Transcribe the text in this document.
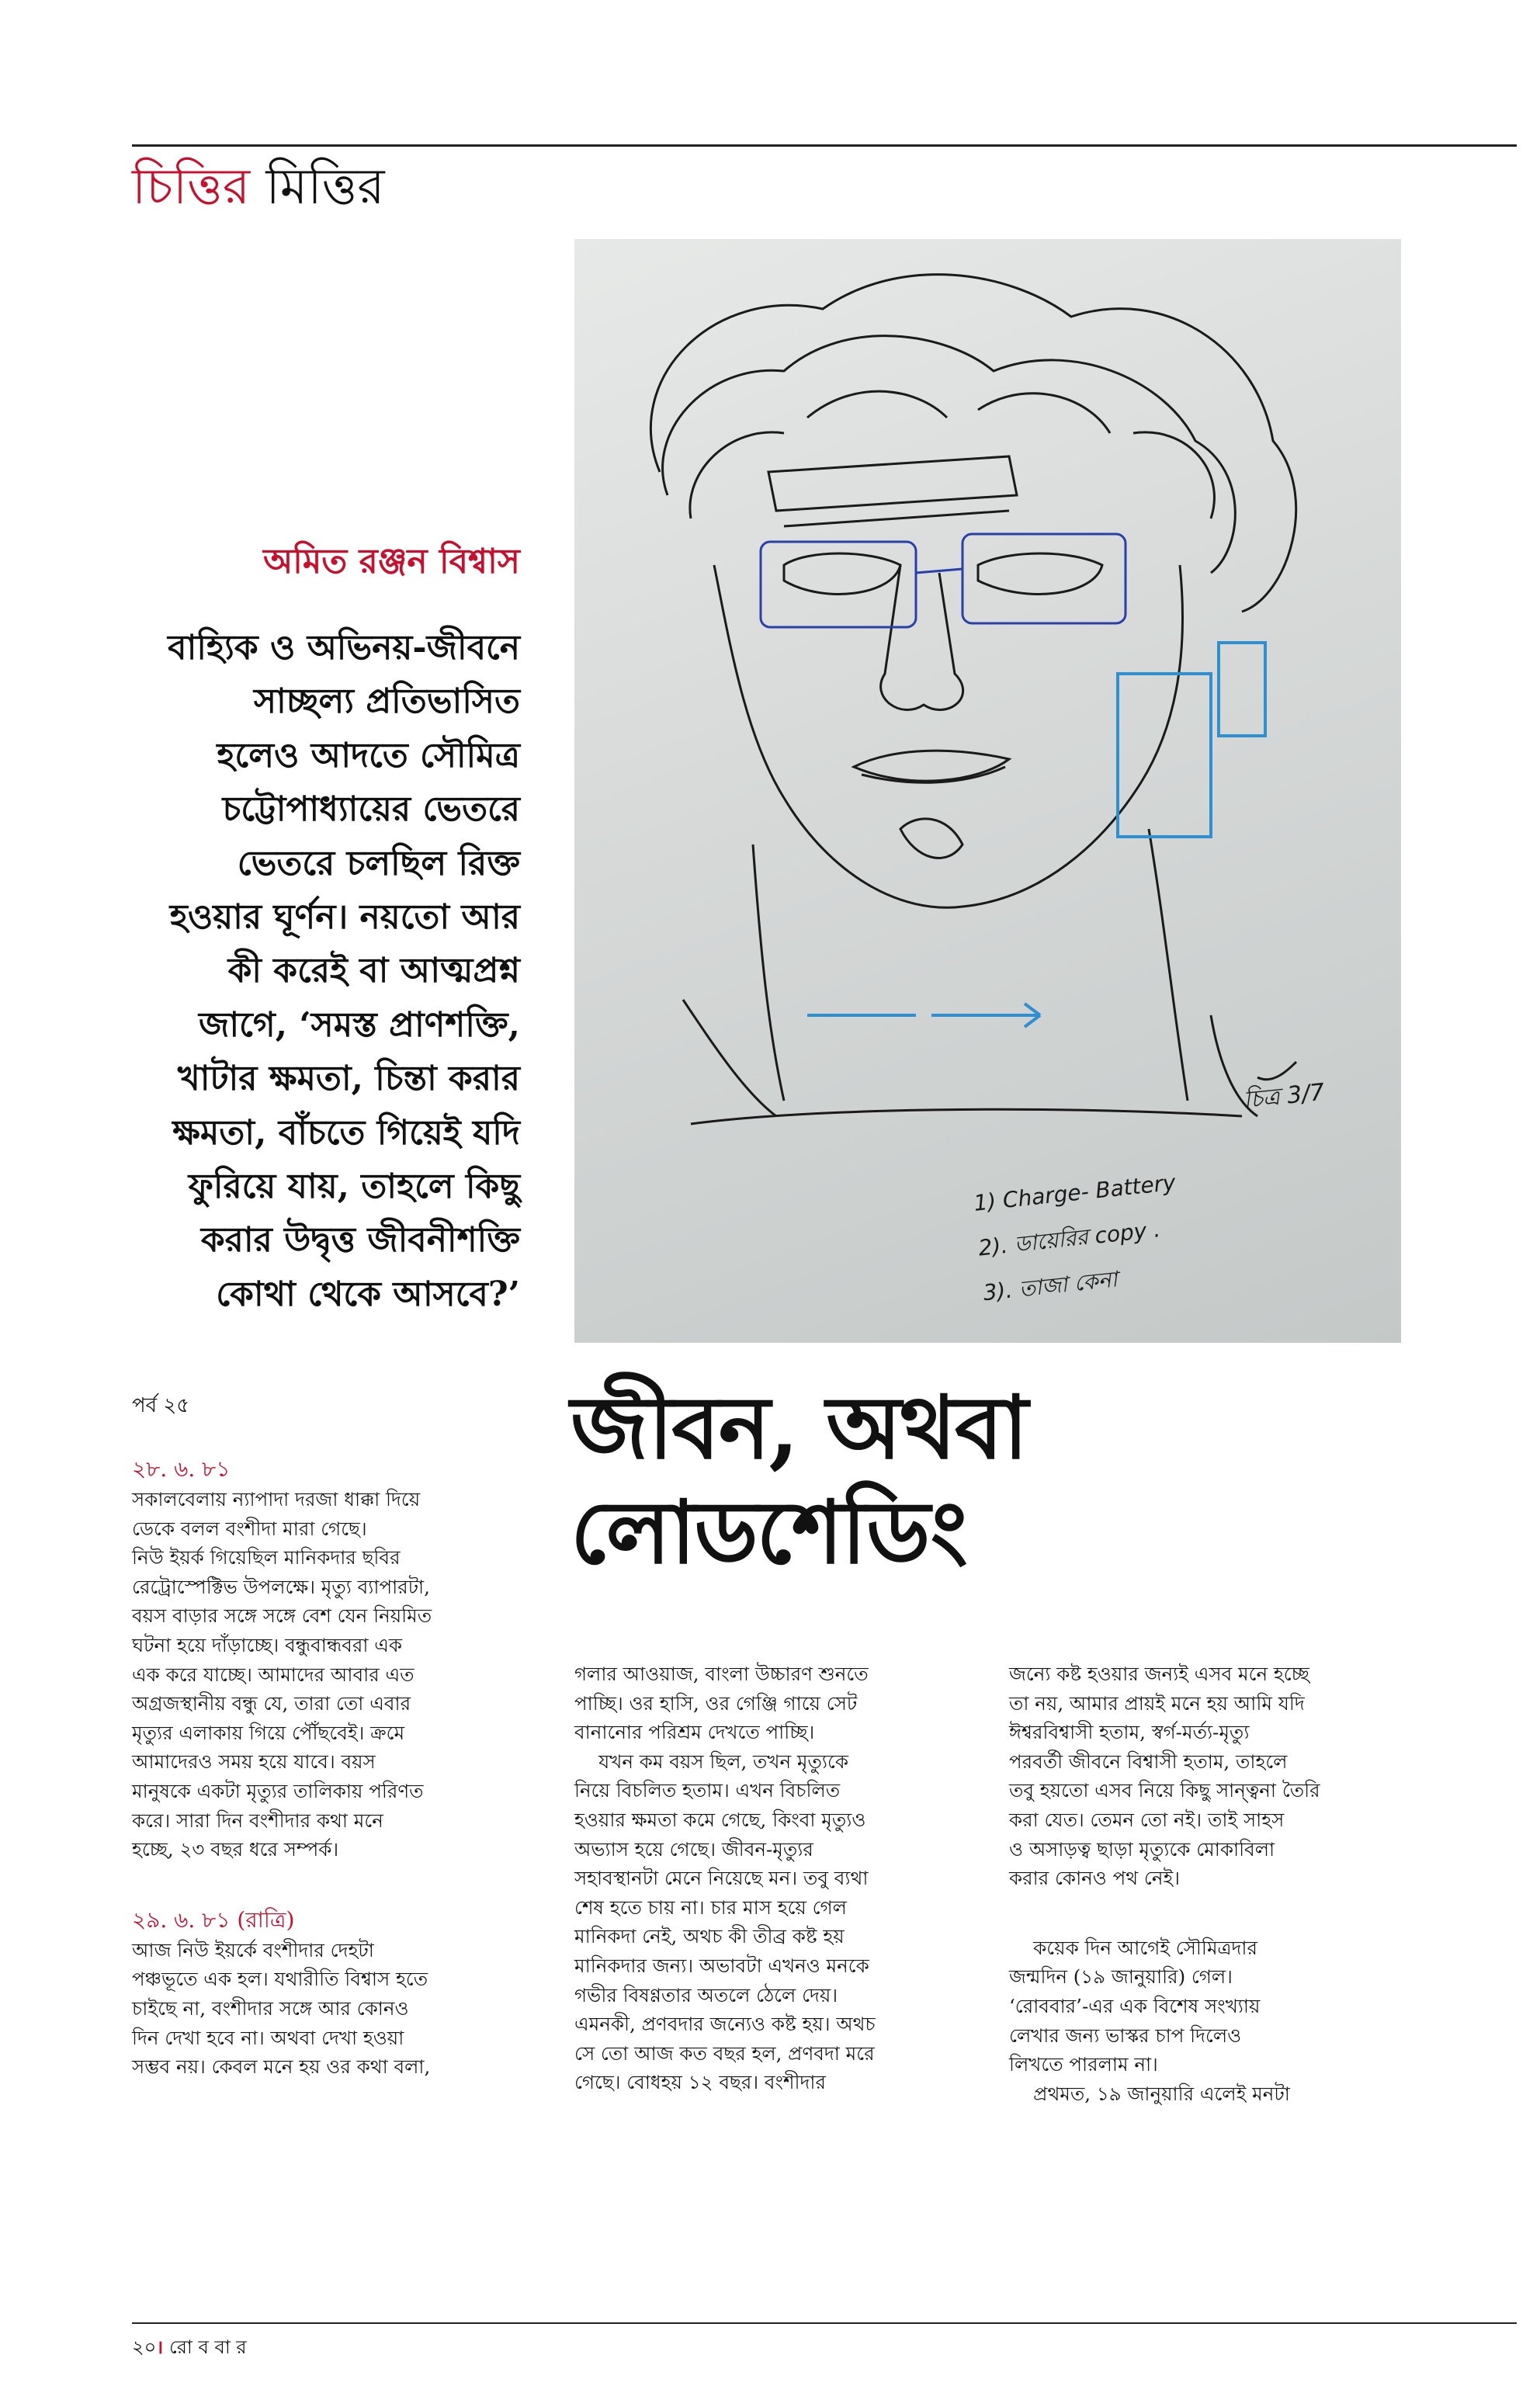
চিত্তির মিত্তির
চিত্র 3/7
1) Charge- Battery
2). ডায়েরির copy .
3). তাজা কেনা
অমিত রঞ্জন বিশ্বাস
বাহ্যিক ও অভিনয়-জীবনে
সাচ্ছল্য প্রতিভাসিত
হলেও আদতে সৌমিত্র
চট্টোপাধ্যায়ের ভেতরে
ভেতরে চলছিল রিক্ত
হওয়ার ঘূর্ণন। নয়তো আর
কী করেই বা আত্মপ্রশ্ন
জাগে, ‘সমস্ত প্রাণশক্তি,
খাটার ক্ষমতা, চিন্তা করার
ক্ষমতা, বাঁচতে গিয়েই যদি
ফুরিয়ে যায়, তাহলে কিছু
করার উদ্বৃত্ত জীবনীশক্তি
কোথা থেকে আসবে?’
পর্ব ২৫	জীবন, অথবা
লোডশেডিং
২৮. ৬. ৮১
সকালবেলায় ন্যাপাদা দরজা ধাক্কা দিয়ে
ডেকে বলল বংশীদা মারা গেছে।
নিউ ইয়র্ক গিয়েছিল মানিকদার ছবির
রেট্রোস্পেক্টিভ উপলক্ষে। মৃত্যু ব্যাপারটা,
বয়স বাড়ার সঙ্গে সঙ্গে বেশ যেন নিয়মিত
ঘটনা হয়ে দাঁড়াচ্ছে। বন্ধুবান্ধবরা এক
এক করে যাচ্ছে। আমাদের আবার এত
অগ্রজস্থানীয় বন্ধু যে, তারা তো এবার
মৃত্যুর এলাকায় গিয়ে পৌঁছবেই। ক্রমে
আমাদেরও সময় হয়ে যাবে। বয়স
মানুষকে একটা মৃত্যুর তালিকায় পরিণত
করে। সারা দিন বংশীদার কথা মনে
হচ্ছে, ২৩ বছর ধরে সম্পর্ক।
২৯. ৬. ৮১ (রাত্রি)
আজ নিউ ইয়র্কে বংশীদার দেহটা
পঞ্চভূতে এক হল। যথারীতি বিশ্বাস হতে
চাইছে না, বংশীদার সঙ্গে আর কোনও
দিন দেখা হবে না। অথবা দেখা হওয়া
সম্ভব নয়। কেবল মনে হয় ওর কথা বলা,
গলার আওয়াজ, বাংলা উচ্চারণ শুনতে
পাচ্ছি। ওর হাসি, ওর গেঞ্জি গায়ে সেট
বানানোর পরিশ্রম দেখতে পাচ্ছি।
যখন কম বয়স ছিল, তখন মৃত্যুকে
নিয়ে বিচলিত হতাম। এখন বিচলিত
হওয়ার ক্ষমতা কমে গেছে, কিংবা মৃত্যুও
অভ্যাস হয়ে গেছে। জীবন-মৃত্যুর
সহাবস্থানটা মেনে নিয়েছে মন। তবু ব্যথা
শেষ হতে চায় না। চার মাস হয়ে গেল
মানিকদা নেই, অথচ কী তীব্র কষ্ট হয়
মানিকদার জন্য। অভাবটা এখনও মনকে
গভীর বিষণ্ণতার অতলে ঠেলে দেয়।
এমনকী, প্রণবদার জন্যেও কষ্ট হয়। অথচ
সে তো আজ কত বছর হল, প্রণবদা মরে
গেছে। বোধহয় ১২ বছর। বংশীদার
জন্যে কষ্ট হওয়ার জন্যই এসব মনে হচ্ছে
তা নয়, আমার প্রায়ই মনে হয় আমি যদি
ঈশ্বরবিশ্বাসী হতাম, স্বর্গ-মর্ত্য-মৃত্যু
পরবর্তী জীবনে বিশ্বাসী হতাম, তাহলে
তবু হয়তো এসব নিয়ে কিছু সান্ত্বনা তৈরি
করা যেত। তেমন তো নই। তাই সাহস
ও অসাড়ত্ব ছাড়া মৃত্যুকে মোকাবিলা
করার কোনও পথ নেই।
কয়েক দিন আগেই সৌমিত্রদার
জন্মদিন (১৯ জানুয়ারি) গেল।
‘রোববার’-এর এক বিশেষ সংখ্যায়
লেখার জন্য ভাস্কর চাপ দিলেও
লিখতে পারলাম না।
প্রথমত, ১৯ জানুয়ারি এলেই মনটা
২০। রো ব বা র
